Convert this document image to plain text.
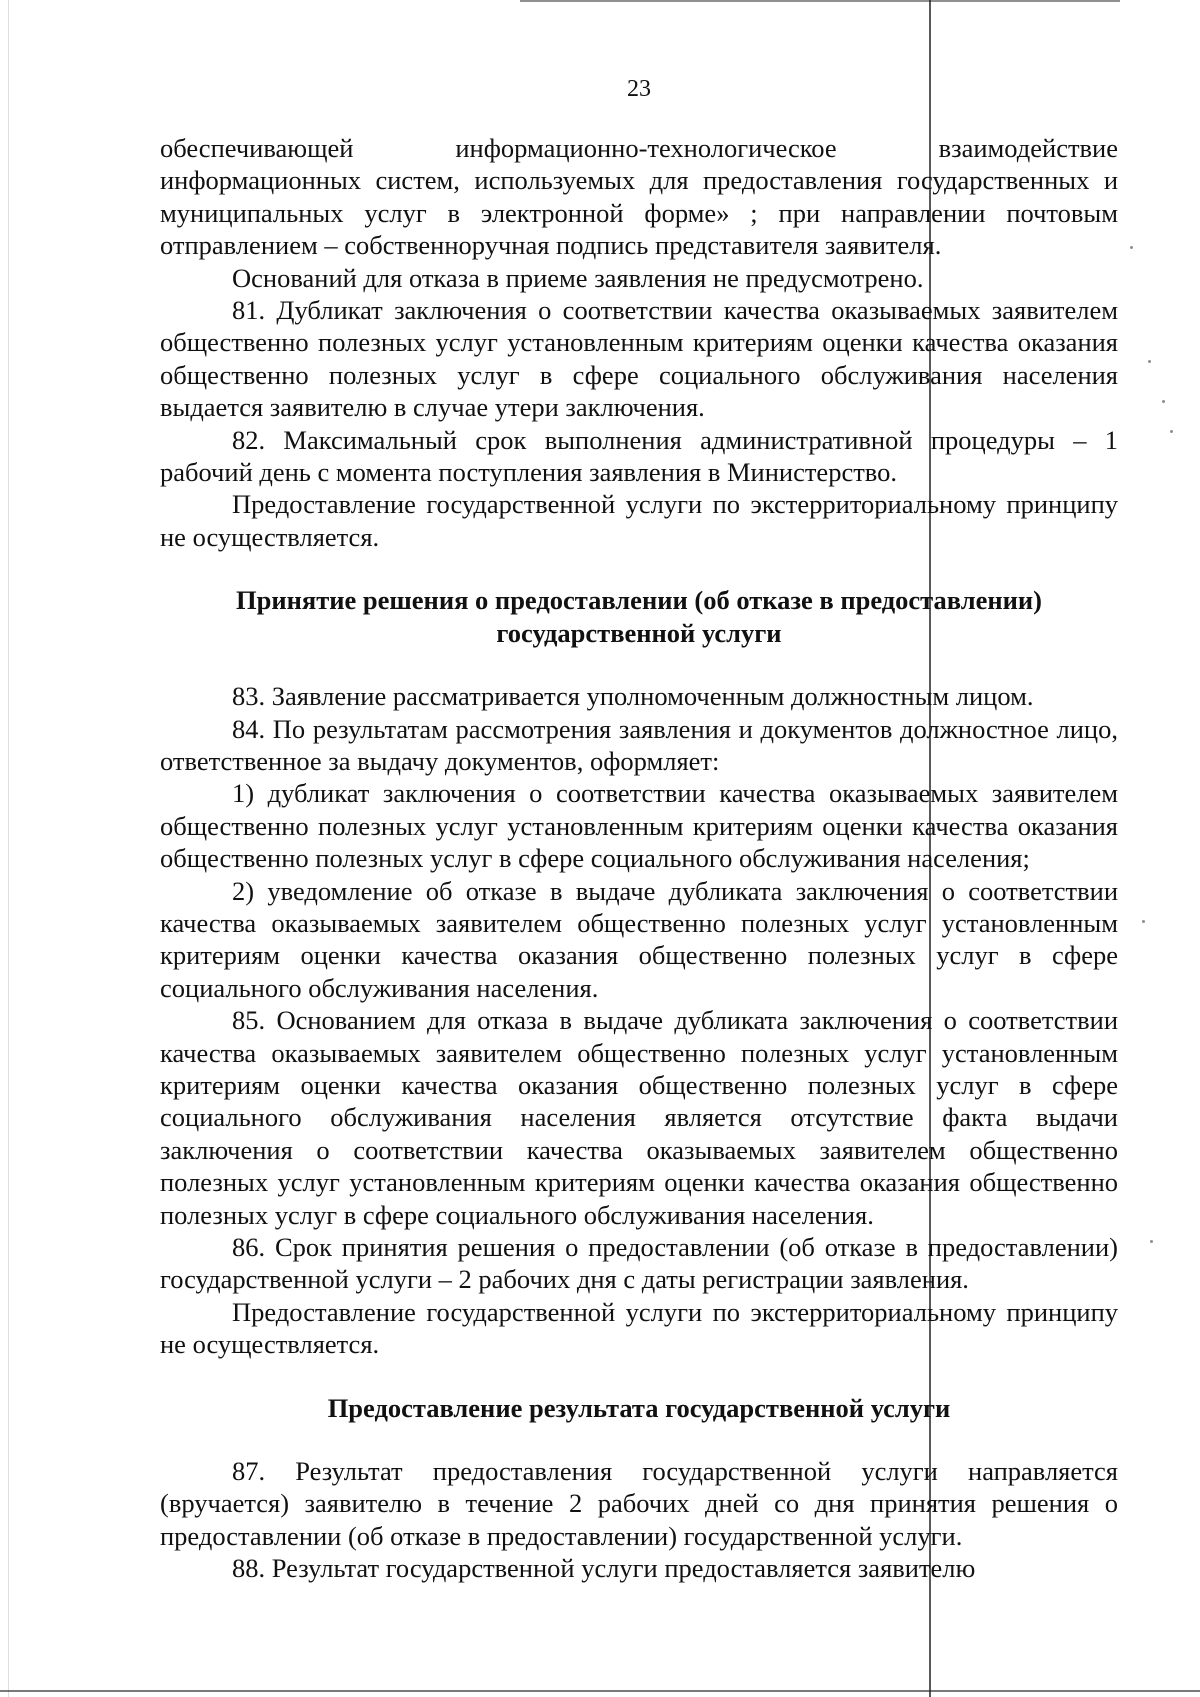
23

обеспечивающей информационно-технологическое взаимодействие информационных систем, используемых для предоставления государственных и муниципальных услуг в электронной форме» ; при направлении почтовым отправлением – собственноручная подпись представителя заявителя.

Оснований для отказа в приеме заявления не предусмотрено.

81. Дубликат заключения о соответствии качества оказываемых заявителем общественно полезных услуг установленным критериям оценки качества оказания общественно полезных услуг в сфере социального обслуживания населения выдается заявителю в случае утери заключения.

82. Максимальный срок выполнения административной процедуры – 1 рабочий день с момента поступления заявления в Министерство.

Предоставление государственной услуги по экстерриториальному принципу не осуществляется.

Принятие решения о предоставлении (об отказе в предоставлении)
государственной услуги

83. Заявление рассматривается уполномоченным должностным лицом.

84. По результатам рассмотрения заявления и документов должностное лицо, ответственное за выдачу документов, оформляет:

1) дубликат заключения о соответствии качества оказываемых заявителем общественно полезных услуг установленным критериям оценки качества оказания общественно полезных услуг в сфере социального обслуживания населения;

2) уведомление об отказе в выдаче дубликата заключения о соответствии качества оказываемых заявителем общественно полезных услуг установленным критериям оценки качества оказания общественно полезных услуг в сфере социального обслуживания населения.

85. Основанием для отказа в выдаче дубликата заключения о соответствии качества оказываемых заявителем общественно полезных услуг установленным критериям оценки качества оказания общественно полезных услуг в сфере социального обслуживания населения является отсутствие факта выдачи заключения о соответствии качества оказываемых заявителем общественно полезных услуг установленным критериям оценки качества оказания общественно полезных услуг в сфере социального обслуживания населения.

86. Срок принятия решения о предоставлении (об отказе в предоставлении) государственной услуги – 2 рабочих дня с даты регистрации заявления.

Предоставление государственной услуги по экстерриториальному принципу не осуществляется.

Предоставление результата государственной услуги

87. Результат предоставления государственной услуги направляется (вручается) заявителю в течение 2 рабочих дней со дня принятия решения о предоставлении (об отказе в предоставлении) государственной услуги.

88. Результат государственной услуги предоставляется заявителю
